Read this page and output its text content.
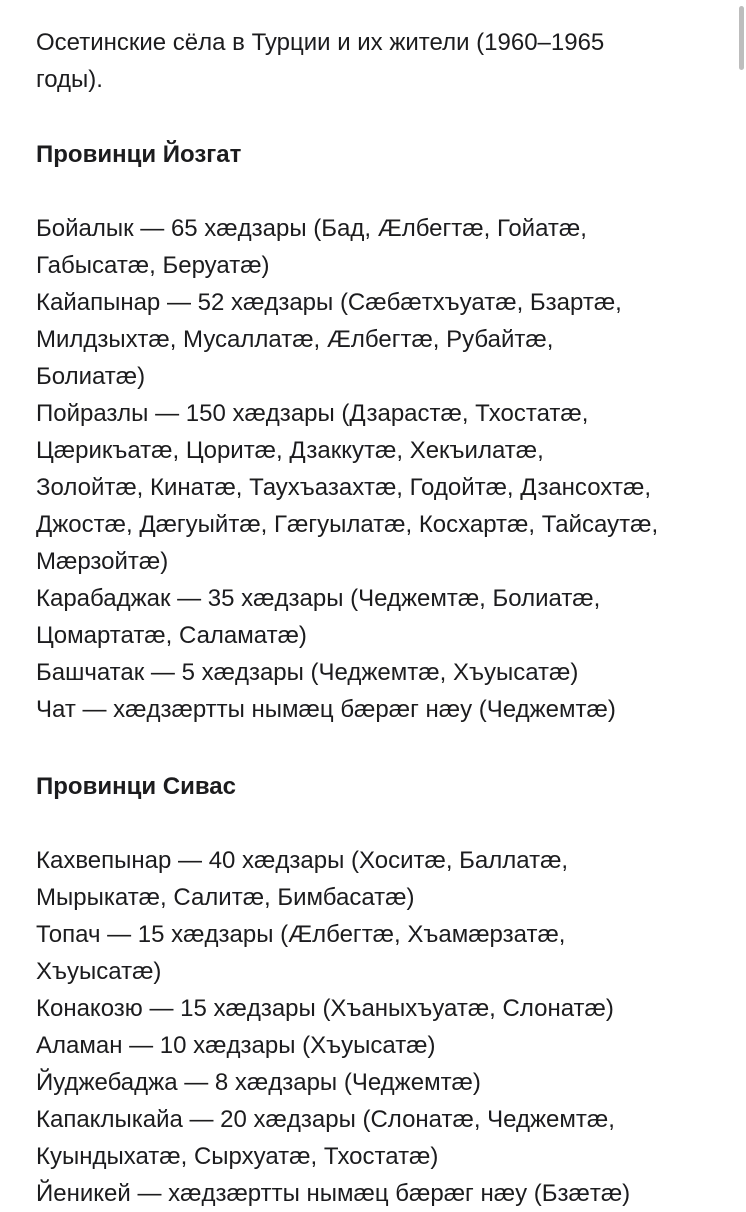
Осетинские сёла в Турции и их жители (1960–1965
годы).

Провинци Йозгат
Бойалык — 65 хæдзары (Бад, Æлбегтæ, Гойатæ,
Габысатæ, Беруатæ)
Кайапынар — 52 хæдзары (Сæбæтхъуатæ, Бзартæ,
Милдзыхтæ, Мусаллатæ, Æлбегтæ, Рубайтæ,
Болиатæ)
Пойразлы — 150 хæдзары (Дзарастæ, Тхостатæ,
Цæрикъатæ, Цоритæ, Дзаккутæ, Хекъилатæ,
Золойтæ, Кинатæ, Таухъазахтæ, Годойтæ, Дзансохтæ,
Джостæ, Дæгуыйтæ, Гæгуылатæ, Косхартæ, Тайсаутæ,
Мæрзойтæ)
Карабаджак — 35 хæдзары (Чеджемтæ, Болиатæ,
Цомартатæ, Саламатæ)
Башчатак — 5 хæдзары (Чеджемтæ, Хъуысатæ)
Чат — хæдзæртты нымæц бæрæг нæу (Чеджемтæ)
Провинци Сивас
Кахвепынар — 40 хæдзары (Хоситæ, Баллатæ,
Мырыкатæ, Салитæ, Бимбасатæ)
Топач — 15 хæдзары (Æлбегтæ, Хъамæрзатæ,
Хъуысатæ)
Конакозю — 15 хæдзары (Хъаныхъуатæ, Слонатæ)
Аламан — 10 хæдзары (Хъуысатæ)
Йуджебаджа — 8 хæдзары (Чеджемтæ)
Капаклыкайа — 20 хæдзары (Слонатæ, Чеджемтæ,
Куындыхатæ, Сырхуатæ, Тхостатæ)
Йеникей — хæдзæртты нымæц бæрæг нæу (Бзæтæ)
